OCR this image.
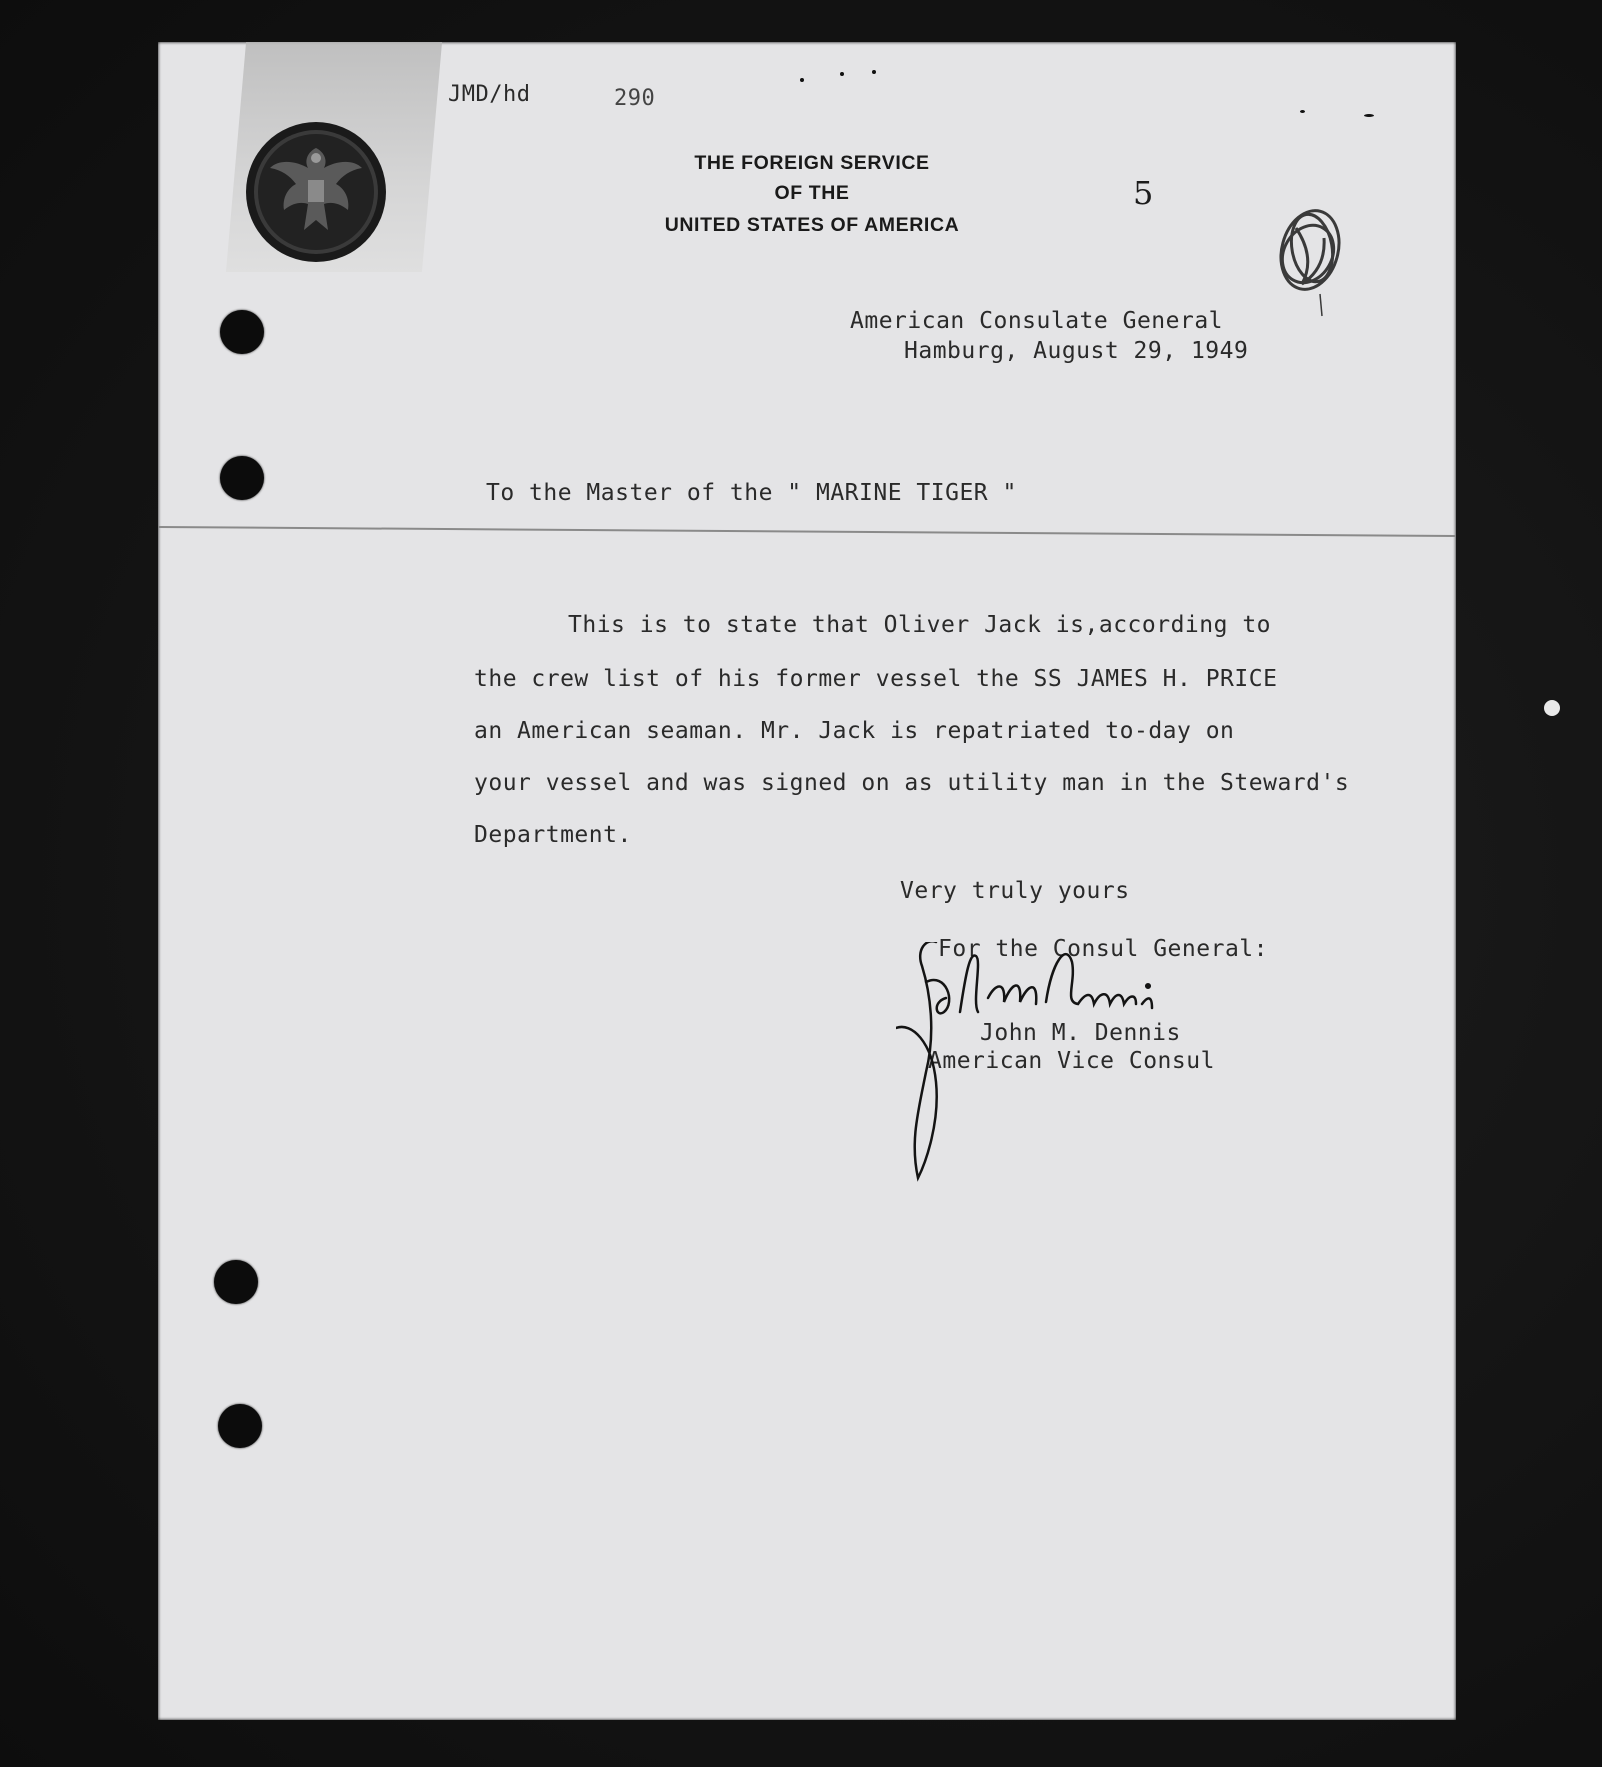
JMD/hd	290
THE FOREIGN SERVICE
OF THE
UNITED STATES OF AMERICA
5
American Consulate General
Hamburg, August 29, 1949
To the Master of the " MARINE TIGER "
This is to state that Oliver Jack is,according to
the crew list of his former vessel the SS JAMES H. PRICE
an American seaman. Mr. Jack is repatriated to-day on
your vessel and was signed on as utility man in the Steward's
Department.
Very truly yours
For the Consul General:
John M. Dennis
American Vice Consul
